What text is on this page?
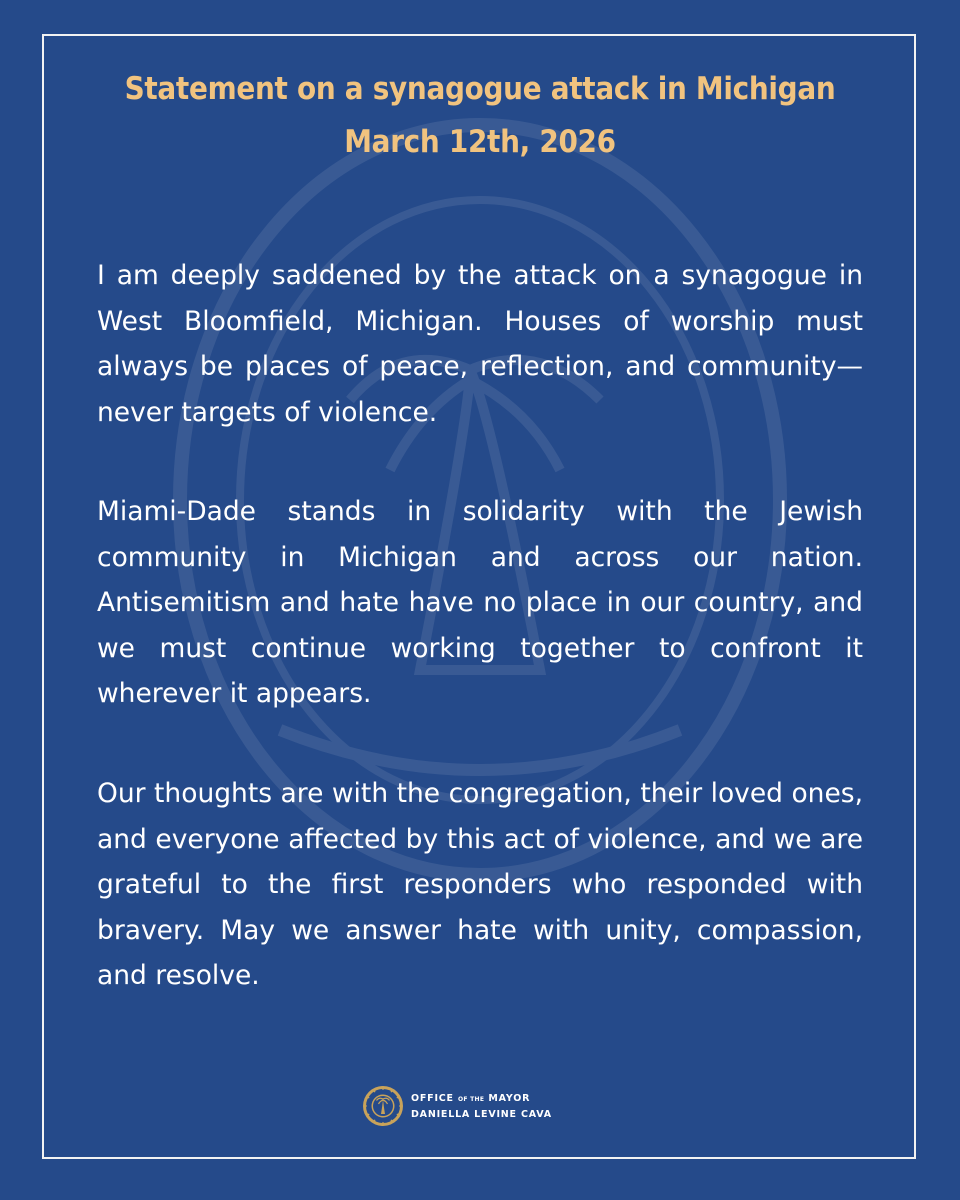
Statement on a synagogue attack in Michigan
March 12th, 2026

I am deeply saddened by the attack on a synagogue in West Bloomfield, Michigan. Houses of worship must always be places of peace, reflection, and community—never targets of violence.

Miami-Dade stands in solidarity with the Jewish community in Michigan and across our nation. Antisemitism and hate have no place in our country, and we must continue working together to confront it wherever it appears.

Our thoughts are with the congregation, their loved ones, and everyone affected by this act of violence, and we are grateful to the first responders who responded with bravery. May we answer hate with unity, compassion, and resolve.

OFFICE OF THE MAYOR
DANIELLA LEVINE CAVA
